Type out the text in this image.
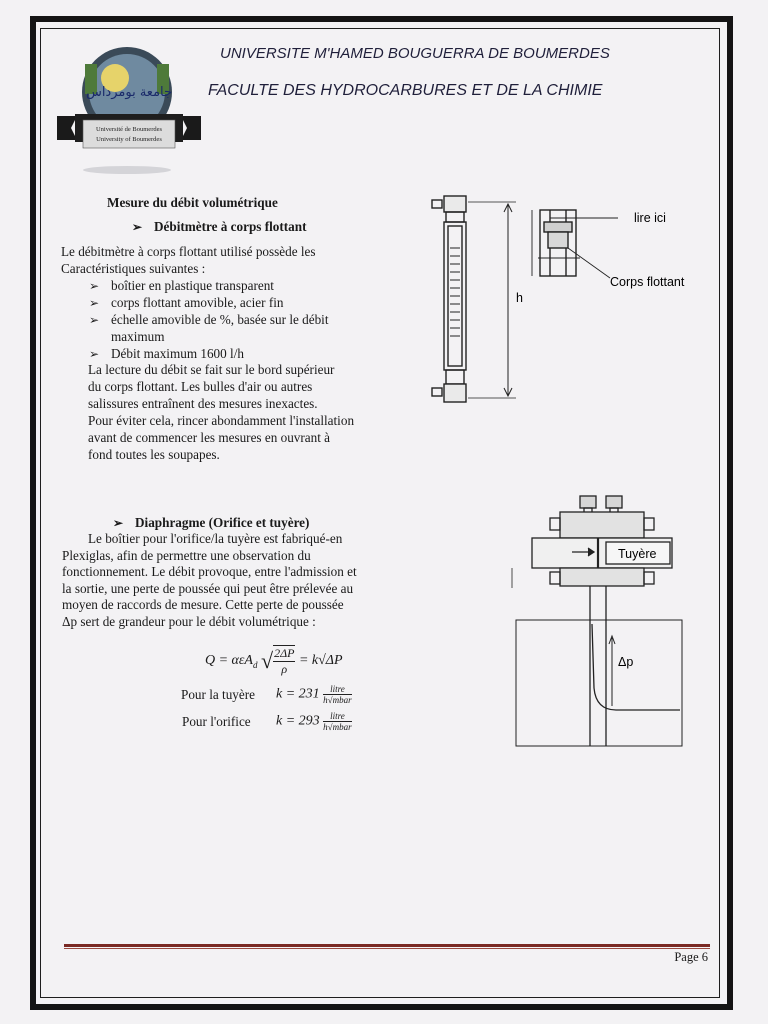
جامعة بومرداس
Université de Boumerdes
University of Boumerdes
UNIVERSITE M'HAMED BOUGUERRA DE BOUMERDES
FACULTE DES HYDROCARBURES ET DE LA CHIMIE
Mesure du débit volumétrique
➢ Débitmètre à corps flottant
Le débitmètre à corps flottant utilisé possède les
Caractéristiques suivantes :
➢ boîtier en plastique transparent
➢ corps flottant amovible, acier fin
➢ échelle amovible de %, basée sur le débit
maximum
➢ Débit maximum 1600 l/h
La lecture du débit se fait sur le bord supérieur
du corps flottant. Les bulles d'air ou autres
salissures entraînent des mesures inexactes.
Pour éviter cela, rincer abondamment l'installation
avant de commencer les mesures en ouvrant à
fond toutes les soupapes.
lire ici
Corps flottant
h
➢ Diaphragme (Orifice et tuyère)
Le boîtier pour l'orifice/la tuyère est fabriqué-en
Plexiglas, afin de permettre une observation du
fonctionnement. Le débit provoque, entre l'admission et
la sortie, une perte de poussée qui peut être prélevée au
moyen de raccords de mesure. Cette perte de poussée
Δp sert de grandeur pour le débit volumétrique :
Q = αεA$_d$ √ $\frac{2\Delta P}{\rho} = k√\Delta P$
Pour la tuyère $k = 231 \frac{\text{litre}}{\text{h√mbar}}$
Pour l'orifice $k = 293 \frac{\text{litre}}{\text{h√mbar}}$
Tuyère
Δp
Page 6
